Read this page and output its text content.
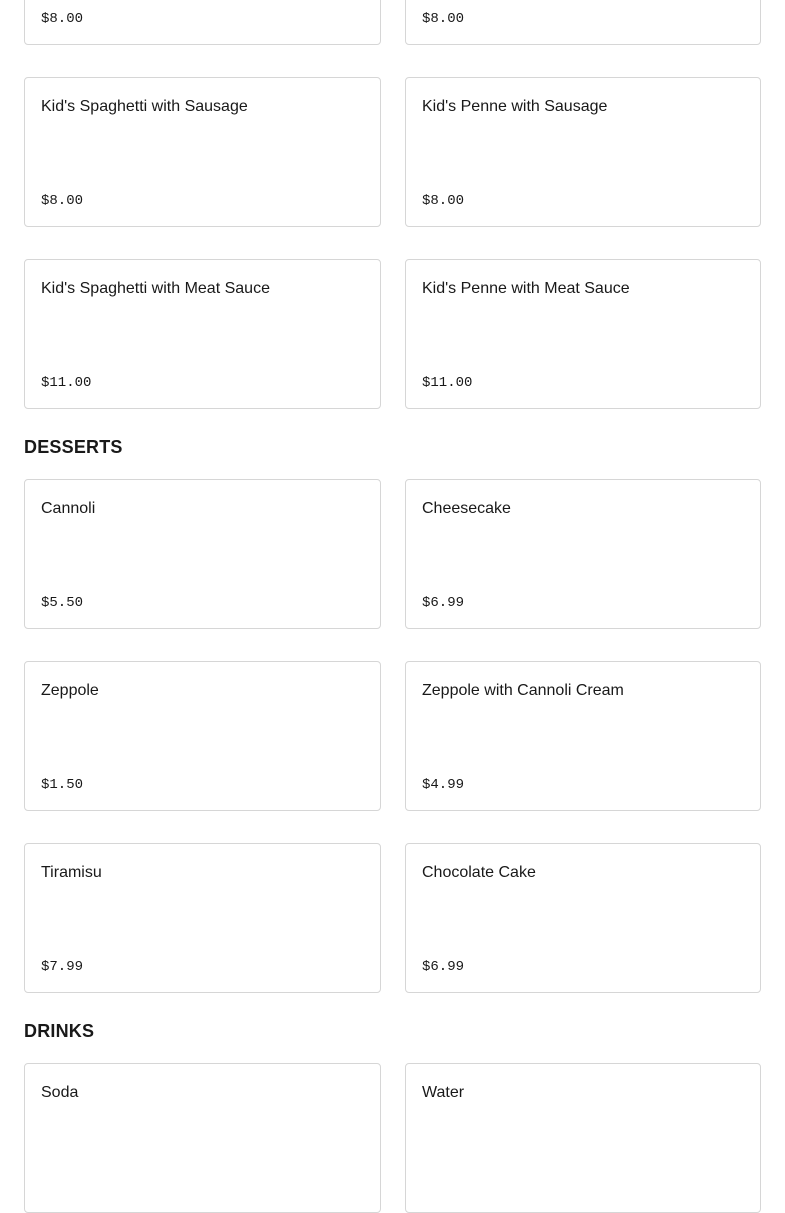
$8.00	$8.00
Kid's Spaghetti with Sausage
$8.00
Kid's Penne with Sausage
$8.00
Kid's Spaghetti with Meat Sauce
$11.00
Kid's Penne with Meat Sauce
$11.00
DESSERTS
Cannoli
$5.50
Cheesecake
$6.99
Zeppole
$1.50
Zeppole with Cannoli Cream
$4.99
Tiramisu
$7.99
Chocolate Cake
$6.99
DRINKS
Soda	Water
